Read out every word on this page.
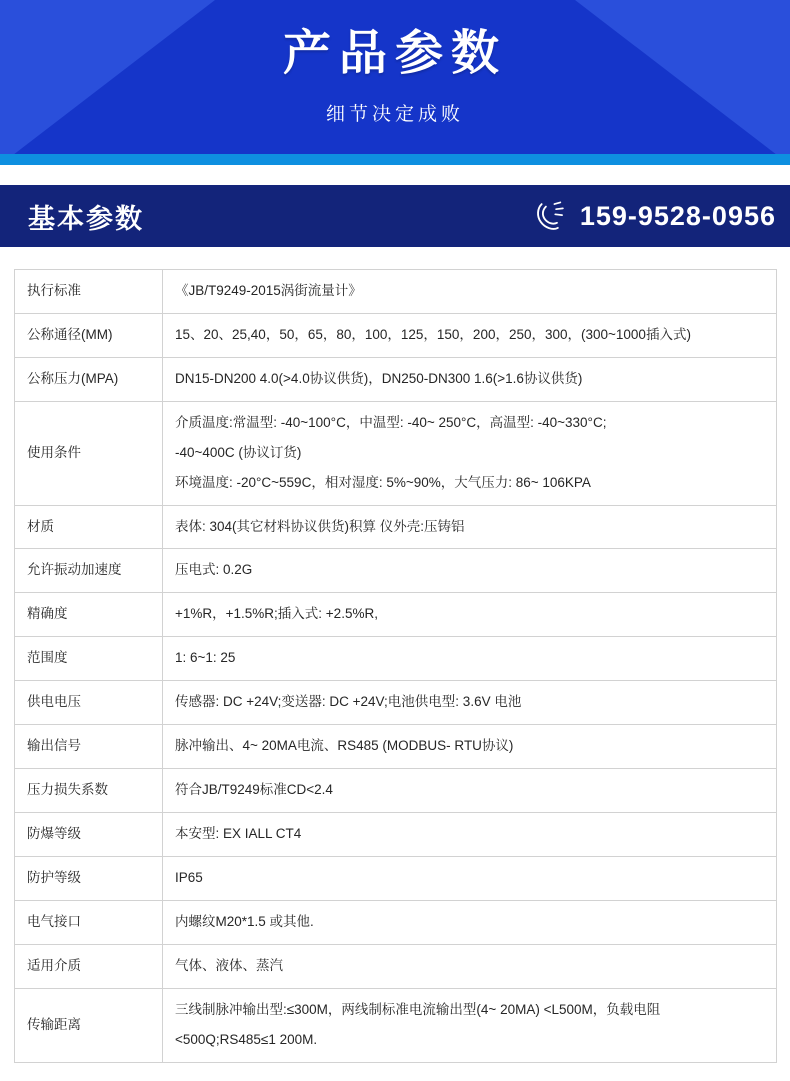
产品参数
细节决定成败
基本参数	159-9528-0956
执行标准	《JB/T9249-2015涡街流量计》

公称通径(MM)	15、20、25,40，50，65，80，100，125，150，200，250，300，(300~1000插入式)

公称压力(MPA)	DN15-DN200 4.0(>4.0协议供货)，DN250-DN300 1.6(>1.6协议供货)

使用条件	介质温度:常温型: -40~100°C，中温型: -40~ 250°C，高温型: -40~330°C;
-40~400C (协议订货)
环境温度: -20°C~559C，相对湿度: 5%~90%，大气压力: 86~ 106KPA

材质	表体: 304(其它材料协议供货)积算 仪外壳:压铸铝

允许振动加速度	压电式: 0.2G

精确度	+1%R，+1.5%R;插入式: +2.5%R,

范围度	1: 6~1: 25

供电电压	传感器: DC +24V;变送器: DC +24V;电池供电型: 3.6V 电池

输出信号	脉冲输出、4~ 20MA电流、RS485 (MODBUS- RTU协议)

压力损失系数	符合JB/T9249标准CD<2.4

防爆等级	本安型: EX IALL CT4

防护等级	IP65

电气接口	内螺纹M20*1.5 或其他.

适用介质	气体、液体、蒸汽

传输距离	三线制脉冲输出型:≤300M，两线制标准电流输出型(4~ 20MA) <L500M，负载电阻
<500Q;RS485≤1 200M.
